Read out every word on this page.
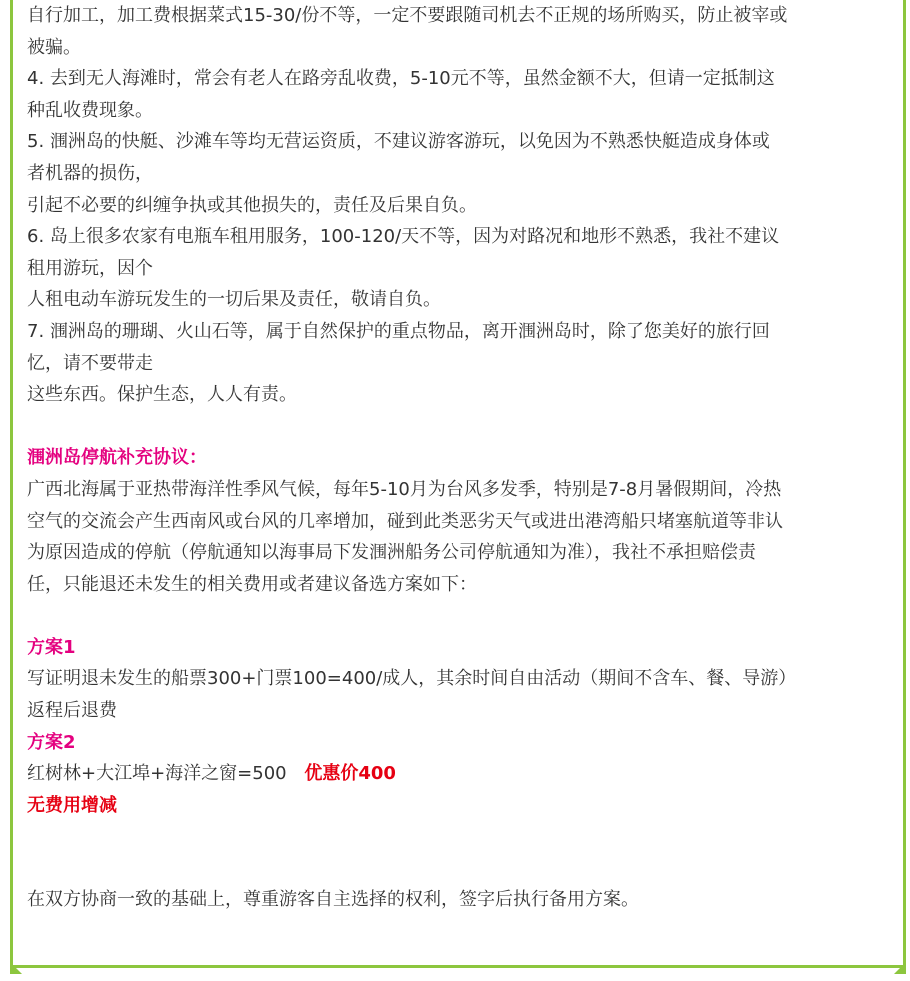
自行加工，加工费根据菜式15-30/份不等，一定不要跟随司机去不正规的场所购买，防止被宰或
被骗。
4. 去到无人海滩时，常会有老人在路旁乱收费，5-10元不等，虽然金额不大，但请一定抵制这
种乱收费现象。
5. 涠洲岛的快艇、沙滩车等均无营运资质，不建议游客游玩，以免因为不熟悉快艇造成身体或
者机器的损伤，
引起不必要的纠缠争执或其他损失的，责任及后果自负。
6. 岛上很多农家有电瓶车租用服务，100-120/天不等，因为对路况和地形不熟悉，我社不建议
租用游玩，因个
人租电动车游玩发生的一切后果及责任，敬请自负。
7. 涠洲岛的珊瑚、火山石等，属于自然保护的重点物品，离开涠洲岛时，除了您美好的旅行回
忆，请不要带走
这些东西。保护生态，人人有责。
涠洲岛停航补充协议：
广西北海属于亚热带海洋性季风气候，每年5-10月为台风多发季，特别是7-8月暑假期间，冷热
空气的交流会产生西南风或台风的几率增加，碰到此类恶劣天气或进出港湾船只堵塞航道等非认
为原因造成的停航（停航通知以海事局下发涠洲船务公司停航通知为准），我社不承担赔偿责
任，只能退还未发生的相关费用或者建议备选方案如下：
方案1
写证明退未发生的船票300+门票100=400/成人，其余时间自由活动（期间不含车、餐、导游）
返程后退费
方案2
红树林+大江埠+海洋之窗=500 优惠价400
无费用增减
在双方协商一致的基础上，尊重游客自主选择的权利，签字后执行备用方案。
